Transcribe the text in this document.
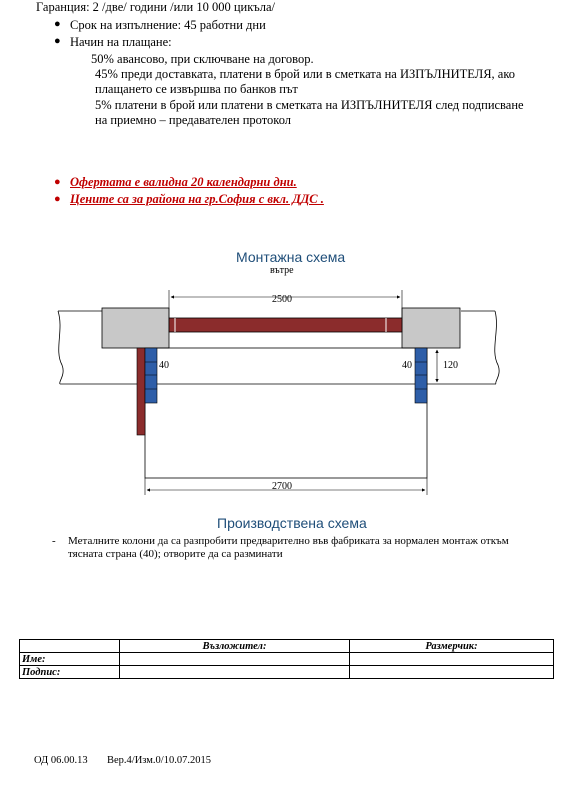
Гаранция: 2 /две/ години /или 10 000 цикъла/
● Срок на изпълнение: 45 работни дни
● Начин на плащане:
50% авансово, при сключване на договор.
45% преди доставката, платени в брой или в сметката на ИЗПЪЛНИТЕЛЯ, ако
плащането се извършва по банков път
5% платени в брой или платени в сметката на ИЗПЪЛНИТЕЛЯ след подписване
на приемно – предавателен протокол
● Офертата е валидна 20 календарни дни.
● Цените са за района на гр.София с вкл. ДДС .
Монтажна схема
вътре
2500
2700
40	40	120
Производствена схема
- Металните колони да са разпробити предварително във фабриката за нормален монтаж откъм
тясната страна (40); отворите да са разминати
	Възложител:	Размерчик:
Име:		
Подпис:		
ОД 06.00.13 Вер.4/Изм.0/10.07.2015
